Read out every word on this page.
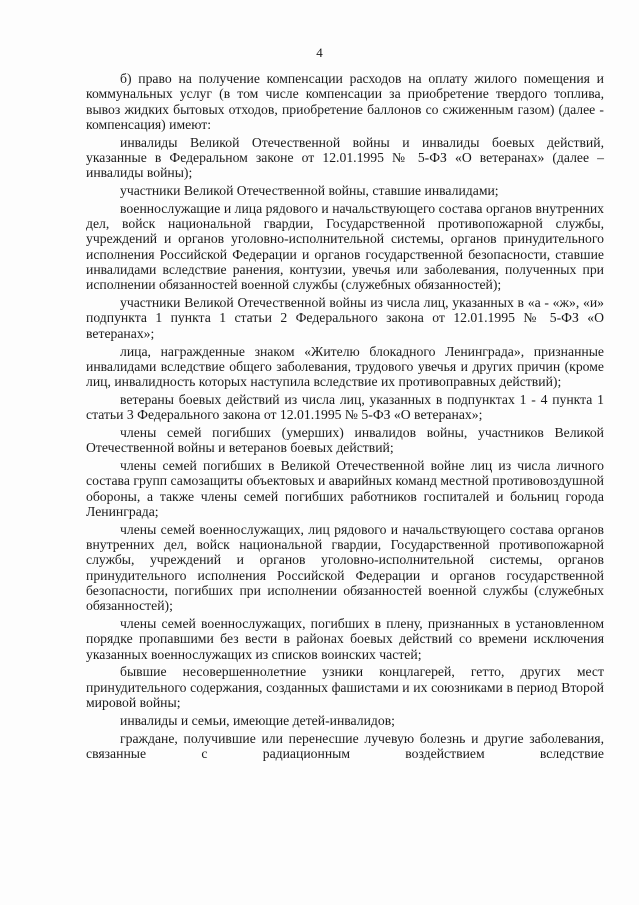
4

б) право на получение компенсации расходов на оплату жилого помещения и коммунальных услуг (в том числе компенсации за приобретение твердого топлива, вывоз жидких бытовых отходов, приобретение баллонов со сжиженным газом) (далее - компенсация) имеют:

инвалиды Великой Отечественной войны и инвалиды боевых действий, указанные в Федеральном законе от 12.01.1995 № 5-ФЗ «О ветеранах» (далее – инвалиды войны);

участники Великой Отечественной войны, ставшие инвалидами;

военнослужащие и лица рядового и начальствующего состава органов внутренних дел, войск национальной гвардии, Государственной противопожарной службы, учреждений и органов уголовно-исполнительной системы, органов принудительного исполнения Российской Федерации и органов государственной безопасности, ставшие инвалидами вследствие ранения, контузии, увечья или заболевания, полученных при исполнении обязанностей военной службы (служебных обязанностей);

участники Великой Отечественной войны из числа лиц, указанных в «а - «ж», «и» подпункта 1 пункта 1 статьи 2 Федерального закона от 12.01.1995 № 5-ФЗ «О ветеранах»;

лица, награжденные знаком «Жителю блокадного Ленинграда», признанные инвалидами вследствие общего заболевания, трудового увечья и других причин (кроме лиц, инвалидность которых наступила вследствие их противоправных действий);

ветераны боевых действий из числа лиц, указанных в подпунктах 1 - 4 пункта 1 статьи 3 Федерального закона от 12.01.1995 № 5-ФЗ «О ветеранах»;

члены семей погибших (умерших) инвалидов войны, участников Великой Отечественной войны и ветеранов боевых действий;

члены семей погибших в Великой Отечественной войне лиц из числа личного состава групп самозащиты объектовых и аварийных команд местной противовоздушной обороны, а также члены семей погибших работников госпиталей и больниц города Ленинграда;

члены семей военнослужащих, лиц рядового и начальствующего состава органов внутренних дел, войск национальной гвардии, Государственной противопожарной службы, учреждений и органов уголовно-исполнительной системы, органов принудительного исполнения Российской Федерации и органов государственной безопасности, погибших при исполнении обязанностей военной службы (служебных обязанностей);

члены семей военнослужащих, погибших в плену, признанных в установленном порядке пропавшими без вести в районах боевых действий со времени исключения указанных военнослужащих из списков воинских частей;

бывшие несовершеннолетние узники концлагерей, гетто, других мест принудительного содержания, созданных фашистами и их союзниками в период Второй мировой войны;

инвалиды и семьи, имеющие детей-инвалидов;

граждане, получившие или перенесшие лучевую болезнь и другие заболевания, связанные с радиационным воздействием вследствие
